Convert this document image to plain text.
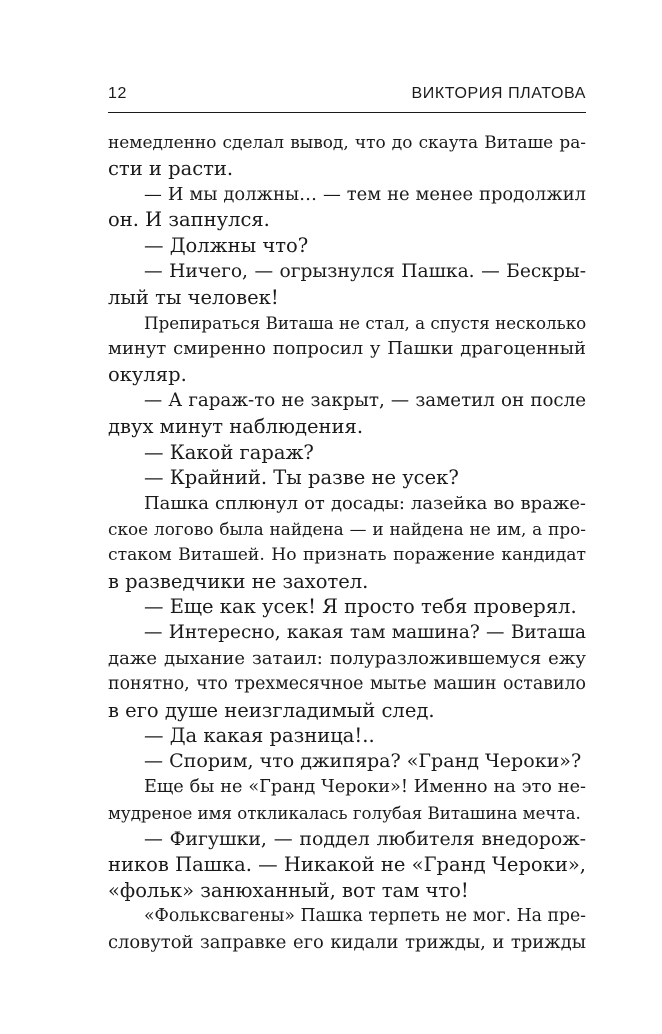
12	ВИКТОРИЯ ПЛАТОВА
немедленно сделал вывод, что до скаута Виташе ра-
сти и расти.
— И мы должны… — тем не менее продолжил
он. И запнулся.
— Должны что?
— Ничего, — огрызнулся Пашка. — Бескры-
лый ты человек!
Препираться Виташа не стал, а спустя несколько
минут смиренно попросил у Пашки драгоценный
окуляр.
— А гараж-то не закрыт, — заметил он после
двух минут наблюдения.
— Какой гараж?
— Крайний. Ты разве не усек?
Пашка сплюнул от досады: лазейка во враже-
ское логово была найдена — и найдена не им, а про-
стаком Виташей. Но признать поражение кандидат
в разведчики не захотел.
— Еще как усек! Я просто тебя проверял.
— Интересно, какая там машина? — Виташа
даже дыхание затаил: полуразложившемуся ежу
понятно, что трехмесячное мытье машин оставило
в его душе неизгладимый след.
— Да какая разница!..
— Спорим, что джипяра? «Гранд Чероки»?
Еще бы не «Гранд Чероки»! Именно на это не-
мудреное имя откликалась голубая Виташина мечта.
— Фигушки, — поддел любителя внедорож-
ников Пашка. — Никакой не «Гранд Чероки»,
«фольк» занюханный, вот там что!
«Фольксвагены» Пашка терпеть не мог. На пре-
словутой заправке его кидали трижды, и трижды
